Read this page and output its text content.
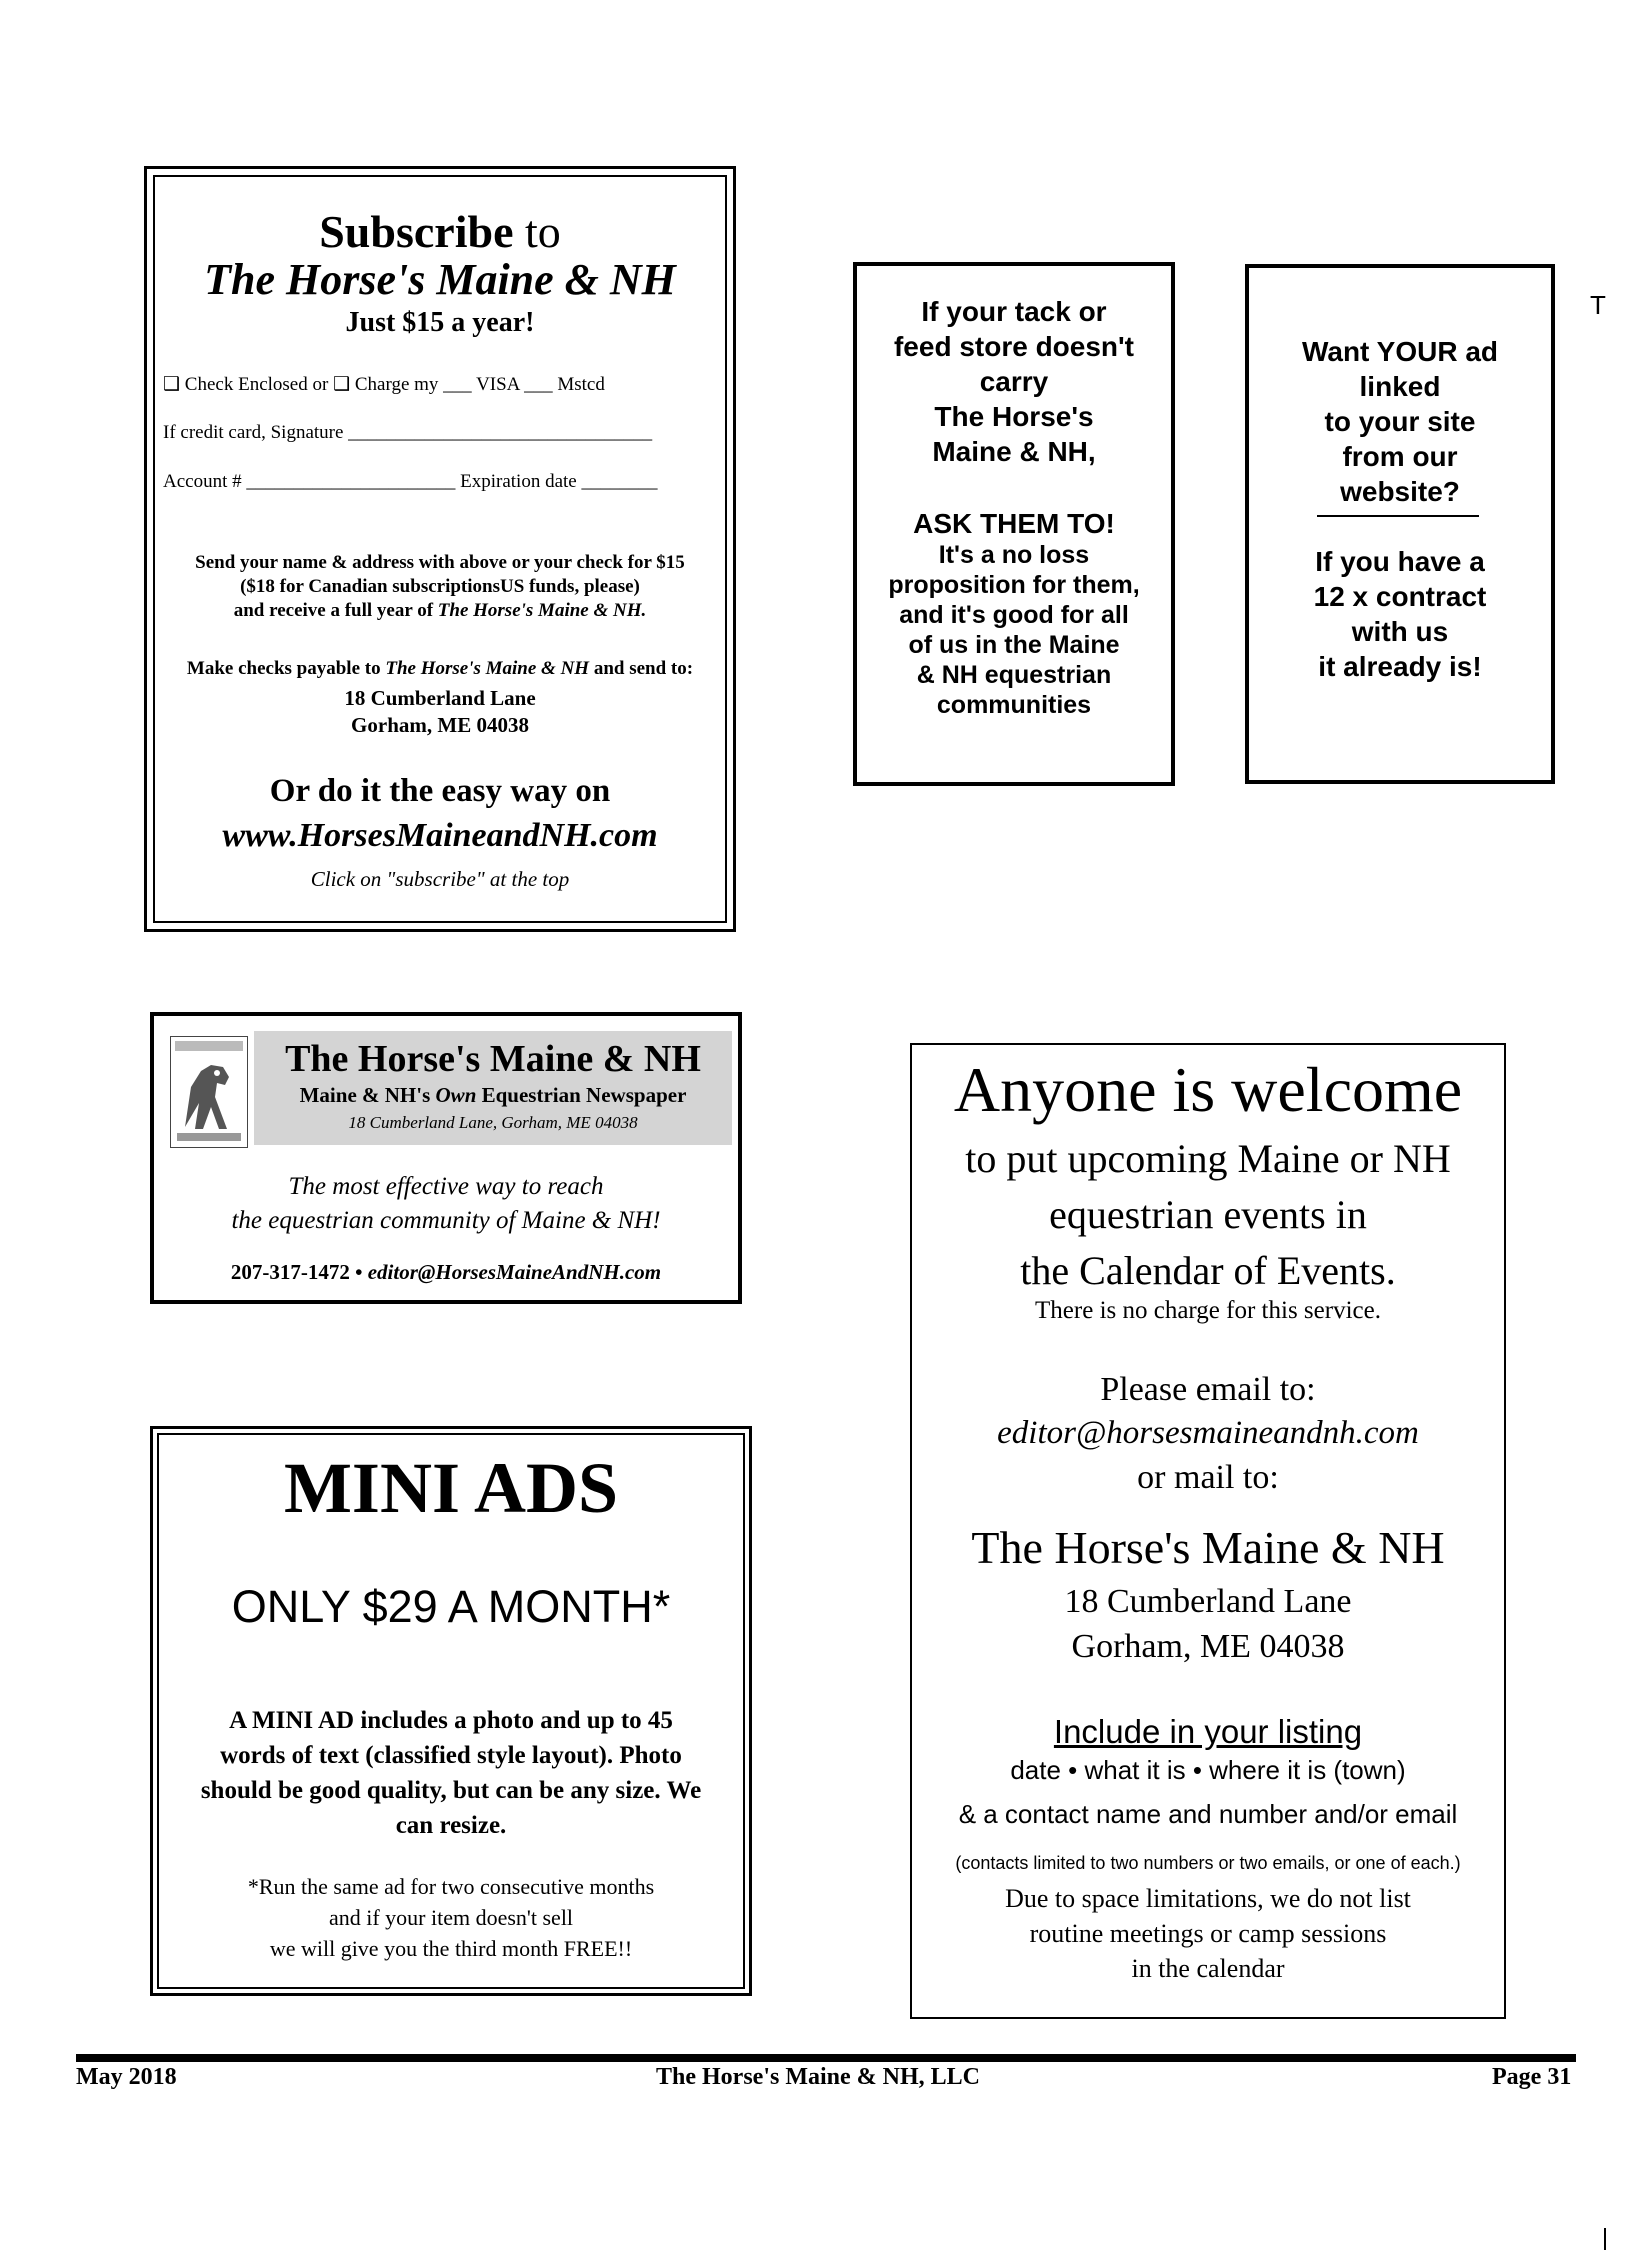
Subscribe to
The Horse's Maine & NH
Just $15 a year!
❑ Check Enclosed or ❑ Charge my ___ VISA ___ Mstcd
If credit card, Signature ________________________________
Account # ______________________ Expiration date ________
Send your name & address with above or your check for $15
($18 for Canadian subscriptionsUS funds, please)
and receive a full year of The Horse's Maine & NH.
Make checks payable to The Horse's Maine & NH and send to:
18 Cumberland Lane
Gorham, ME 04038
Or do it the easy way on
www.HorsesMaineandNH.com
Click on "subscribe" at the top
If your tack or
feed store doesn't
carry
The Horse's
Maine & NH,
ASK THEM TO!
It's a no loss
proposition for them,
and it's good for all
of us in the Maine
& NH equestrian
communities
Want YOUR ad
linked
to your site
from our
website?
If you have a
12 x contract
with us
it already is!
T
The Horse's Maine & NH
Maine & NH's Own Equestrian Newspaper
18 Cumberland Lane, Gorham, ME 04038
The most effective way to reach
the equestrian community of Maine & NH!
207-317-1472 • editor@HorsesMaineAndNH.com
MINI ADS
ONLY $29 A MONTH*
A MINI AD includes a photo and up to 45
words of text (classified style layout). Photo
should be good quality, but can be any size. We
can resize.
*Run the same ad for two consecutive months
and if your item doesn't sell
we will give you the third month FREE!!
Anyone is welcome
to put upcoming Maine or NH
equestrian events in
the Calendar of Events.
There is no charge for this service.
Please email to:
editor@horsesmaineandnh.com
or mail to:
The Horse's Maine & NH
18 Cumberland Lane
Gorham, ME 04038
Include in your listing
date • what it is • where it is (town)
& a contact name and number and/or email
(contacts limited to two numbers or two emails, or one of each.)
Due to space limitations, we do not list
routine meetings or camp sessions
in the calendar
May 2018	The Horse's Maine & NH, LLC	Page 31
